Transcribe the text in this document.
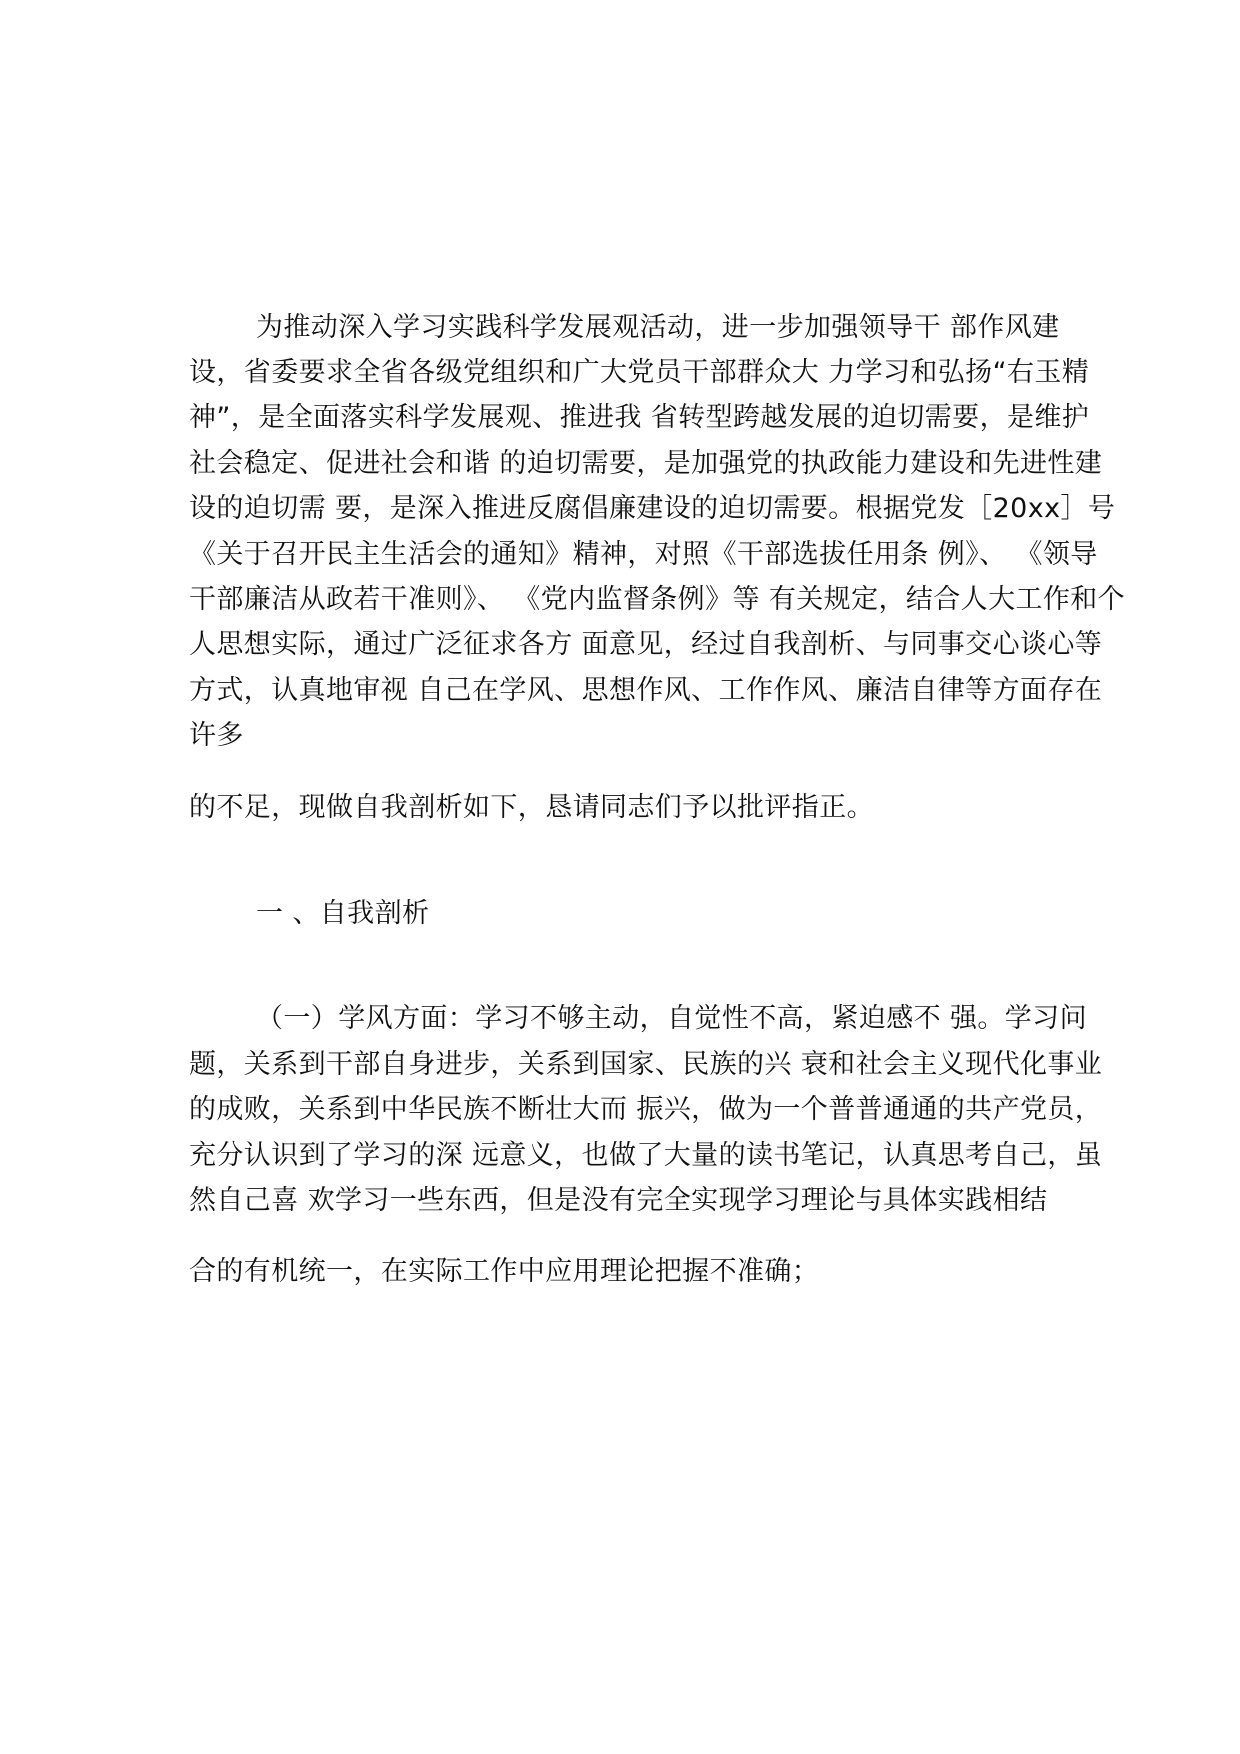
为推动深入学习实践科学发展观活动，进一步加强领导干 部作风建
设，省委要求全省各级党组织和广大党员干部群众大 力学习和弘扬“右玉精
神”，是全面落实科学发展观、推进我 省转型跨越发展的迫切需要，是维护
社会稳定、促进社会和谐 的迫切需要，是加强党的执政能力建设和先进性建
设的迫切需 要，是深入推进反腐倡廉建设的迫切需要。根据党发［20xx］号
《关于召开民主生活会的通知》精神，对照《干部选拔任用条 例》、 《领导
干部廉洁从政若干准则》、 《党内监督条例》等 有关规定，结合人大工作和个
人思想实际，通过广泛征求各方 面意见，经过自我剖析、与同事交心谈心等
方式，认真地审视 自己在学风、思想作风、工作作风、廉洁自律等方面存在
许多
的不足，现做自我剖析如下，恳请同志们予以批评指正。
一 、自我剖析
（一）学风方面：学习不够主动，自觉性不高，紧迫感不 强。学习问
题，关系到干部自身进步，关系到国家、民族的兴 衰和社会主义现代化事业
的成败，关系到中华民族不断壮大而 振兴，做为一个普普通通的共产党员，
充分认识到了学习的深 远意义，也做了大量的读书笔记，认真思考自己，虽
然自己喜 欢学习一些东西，但是没有完全实现学习理论与具体实践相结
合的有机统一，在实际工作中应用理论把握不准确；
